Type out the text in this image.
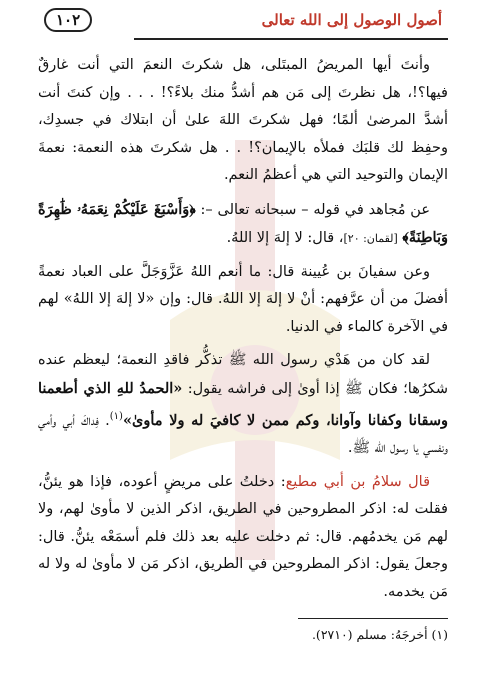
أصول الوصول إلى الله تعالى
١٠٢

وأنتَ أيها المريضُ المبتَلى، هل شكرتَ النعمَ التي أنت غارقٌ فيها؟!، هل نظرتَ إلى مَن هم أشدُّ منك بلاءً؟! . . . وإن كنتَ أنت أشدَّ المرضىٰ ألمًا؛ فهل شكرتَ اللهَ علىٰ أن ابتلاك في جسدِك، وحفِظ لك قلبَك فملأه بالإيمان؟! . . هل شكرتَ هذه النعمة: نعمةَ الإيمان والتوحيد التي هي أعظمُ النعم.

عن مُجاهد في قوله – سبحانه تعالى –: ﴿وَأَسْبَغَ عَلَيْكُمْ نِعَمَهُۥ ظَٰهِرَةً وَبَاطِنَةً﴾ [لقمان: ٢٠]، قال: لا إلهَ إلا اللهُ.

وعن سفيانَ بن عُيينة قال: ما أنعم اللهُ عَزَّوَجَلَّ على العباد نعمةً أفضلَ من أن عرَّفهم: أنْ لا إلهَ إلا اللهُ. قال: وإن «لا إلهَ إلا اللهُ» لهم في الآخرة كالماء في الدنيا.

لقد كان من هَدْي رسول الله ﷺ تذكُّر فاقدِ النعمة؛ ليعظم عنده شكرُها؛ فكان ﷺ إذا أوىٰ إلى فراشه يقول: «الحمدُ للهِ الذي أطعمنا وسقانا وكفانا وآوانا، وكم ممن لا كافيَ له ولا مأوىٰ»$^{(١)}$. فِداكَ أبي وأمي ونفسي يا رسول الله ﷺ.

قال سلامُ بن أبي مطيع: دخلتُ على مريضٍ أعوده، فإذا هو يئنُّ، فقلت له: اذكر المطروحين في الطريق، اذكر الذين لا مأوىٰ لهم، ولا لهم مَن يخدمُهم. قال: ثم دخلت عليه بعد ذلك فلم أسمَعْه يئنُّ. قال: وجعلَ يقول: اذكر المطروحين في الطريق، اذكر مَن لا مأوىٰ له ولا له مَن يخدمه.

(١) أخرجَهُ: مسلم (٢٧١٠).
